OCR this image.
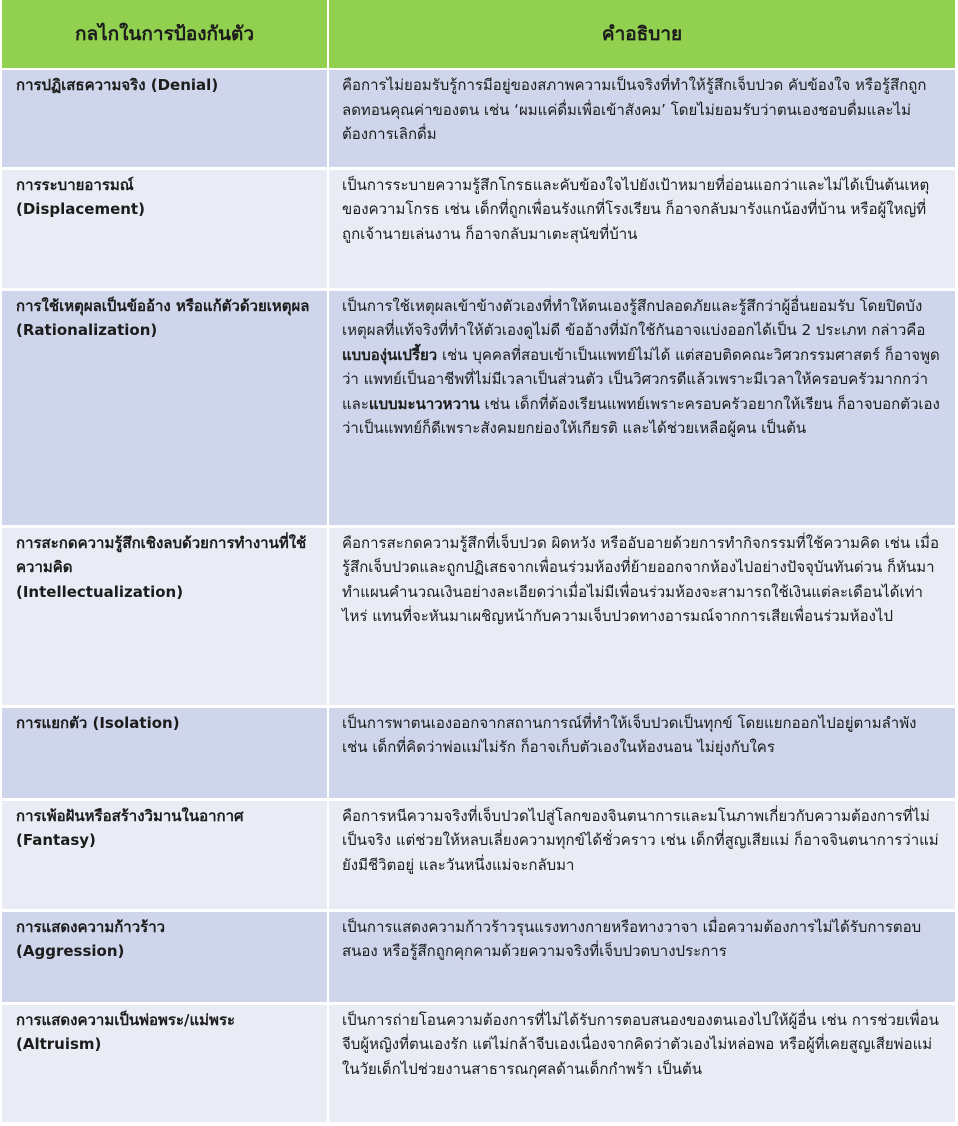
กลไกในการป้องกันตัว	คำอธิบาย
การปฏิเสธความจริง (Denial)	คือการไม่ยอมรับรู้การมีอยู่ของสภาพความเป็นจริงที่ทำให้รู้สึกเจ็บปวด คับข้องใจ หรือรู้สึกถูกลดทอนคุณค่าของตน เช่น ‘ผมแค่ดื่มเพื่อเข้าสังคม’ โดยไม่ยอมรับว่าตนเองชอบดื่มและไม่ต้องการเลิกดื่ม
การระบายอารมณ์
(Displacement)	เป็นการระบายความรู้สึกโกรธและคับข้องใจไปยังเป้าหมายที่อ่อนแอกว่าและไม่ได้เป็นต้นเหตุของความโกรธ เช่น เด็กที่ถูกเพื่อนรังแกที่โรงเรียน ก็อาจกลับมารังแกน้องที่บ้าน หรือผู้ใหญ่ที่ถูกเจ้านายเล่นงาน ก็อาจกลับมาเตะสุนัขที่บ้าน
การใช้เหตุผลเป็นข้ออ้าง หรือแก้ตัวด้วยเหตุผล (Rationalization)	เป็นการใช้เหตุผลเข้าข้างตัวเองที่ทำให้ตนเองรู้สึกปลอดภัยและรู้สึกว่าผู้อื่นยอมรับ โดยปิดบังเหตุผลที่แท้จริงที่ทำให้ตัวเองดูไม่ดี ข้ออ้างที่มักใช้กันอาจแบ่งออกได้เป็น 2 ประเภท กล่าวคือ แบบองุ่นเปรี้ยว เช่น บุคคลที่สอบเข้าเป็นแพทย์ไม่ได้ แต่สอบติดคณะวิศวกรรมศาสตร์ ก็อาจพูดว่า แพทย์เป็นอาชีพที่ไม่มีเวลาเป็นส่วนตัว เป็นวิศวกรดีแล้วเพราะมีเวลาให้ครอบครัวมากกว่า และแบบมะนาวหวาน เช่น เด็กที่ต้องเรียนแพทย์เพราะครอบครัวอยากให้เรียน ก็อาจบอกตัวเองว่าเป็นแพทย์ก็ดีเพราะสังคมยกย่องให้เกียรติ และได้ช่วยเหลือผู้คน เป็นต้น
การสะกดความรู้สึกเชิงลบด้วยการทำงานที่ใช้ความคิด
(Intellectualization)	คือการสะกดความรู้สึกที่เจ็บปวด ผิดหวัง หรืออับอายด้วยการทำกิจกรรมที่ใช้ความคิด เช่น เมื่อรู้สึกเจ็บปวดและถูกปฏิเสธจากเพื่อนร่วมห้องที่ย้ายออกจากห้องไปอย่างปัจจุบันทันด่วน ก็หันมาทำแผนคำนวณเงินอย่างละเอียดว่าเมื่อไม่มีเพื่อนร่วมห้องจะสามารถใช้เงินแต่ละเดือนได้เท่าไหร่ แทนที่จะหันมาเผชิญหน้ากับความเจ็บปวดทางอารมณ์จากการเสียเพื่อนร่วมห้องไป
การแยกตัว (Isolation)	เป็นการพาตนเองออกจากสถานการณ์ที่ทำให้เจ็บปวดเป็นทุกข์ โดยแยกออกไปอยู่ตามลำพัง เช่น เด็กที่คิดว่าพ่อแม่ไม่รัก ก็อาจเก็บตัวเองในห้องนอน ไม่ยุ่งกับใคร
การเพ้อฝันหรือสร้างวิมานในอากาศ
(Fantasy)	คือการหนีความจริงที่เจ็บปวดไปสู่โลกของจินตนาการและมโนภาพเกี่ยวกับความต้องการที่ไม่เป็นจริง แต่ช่วยให้หลบเลี่ยงความทุกข์ได้ชั่วคราว เช่น เด็กที่สูญเสียแม่ ก็อาจจินตนาการว่าแม่ยังมีชีวิตอยู่ และวันหนึ่งแม่จะกลับมา
การแสดงความก้าวร้าว
(Aggression)	เป็นการแสดงความก้าวร้าวรุนแรงทางกายหรือทางวาจา เมื่อความต้องการไม่ได้รับการตอบสนอง หรือรู้สึกถูกคุกคามด้วยความจริงที่เจ็บปวดบางประการ
การแสดงความเป็นพ่อพระ/แม่พระ
(Altruism)	เป็นการถ่ายโอนความต้องการที่ไม่ได้รับการตอบสนองของตนเองไปให้ผู้อื่น เช่น การช่วยเพื่อนจีบผู้หญิงที่ตนเองรัก แต่ไม่กล้าจีบเองเนื่องจากคิดว่าตัวเองไม่หล่อพอ หรือผู้ที่เคยสูญเสียพ่อแม่ในวัยเด็กไปช่วยงานสาธารณกุศลด้านเด็กกำพร้า เป็นต้น
